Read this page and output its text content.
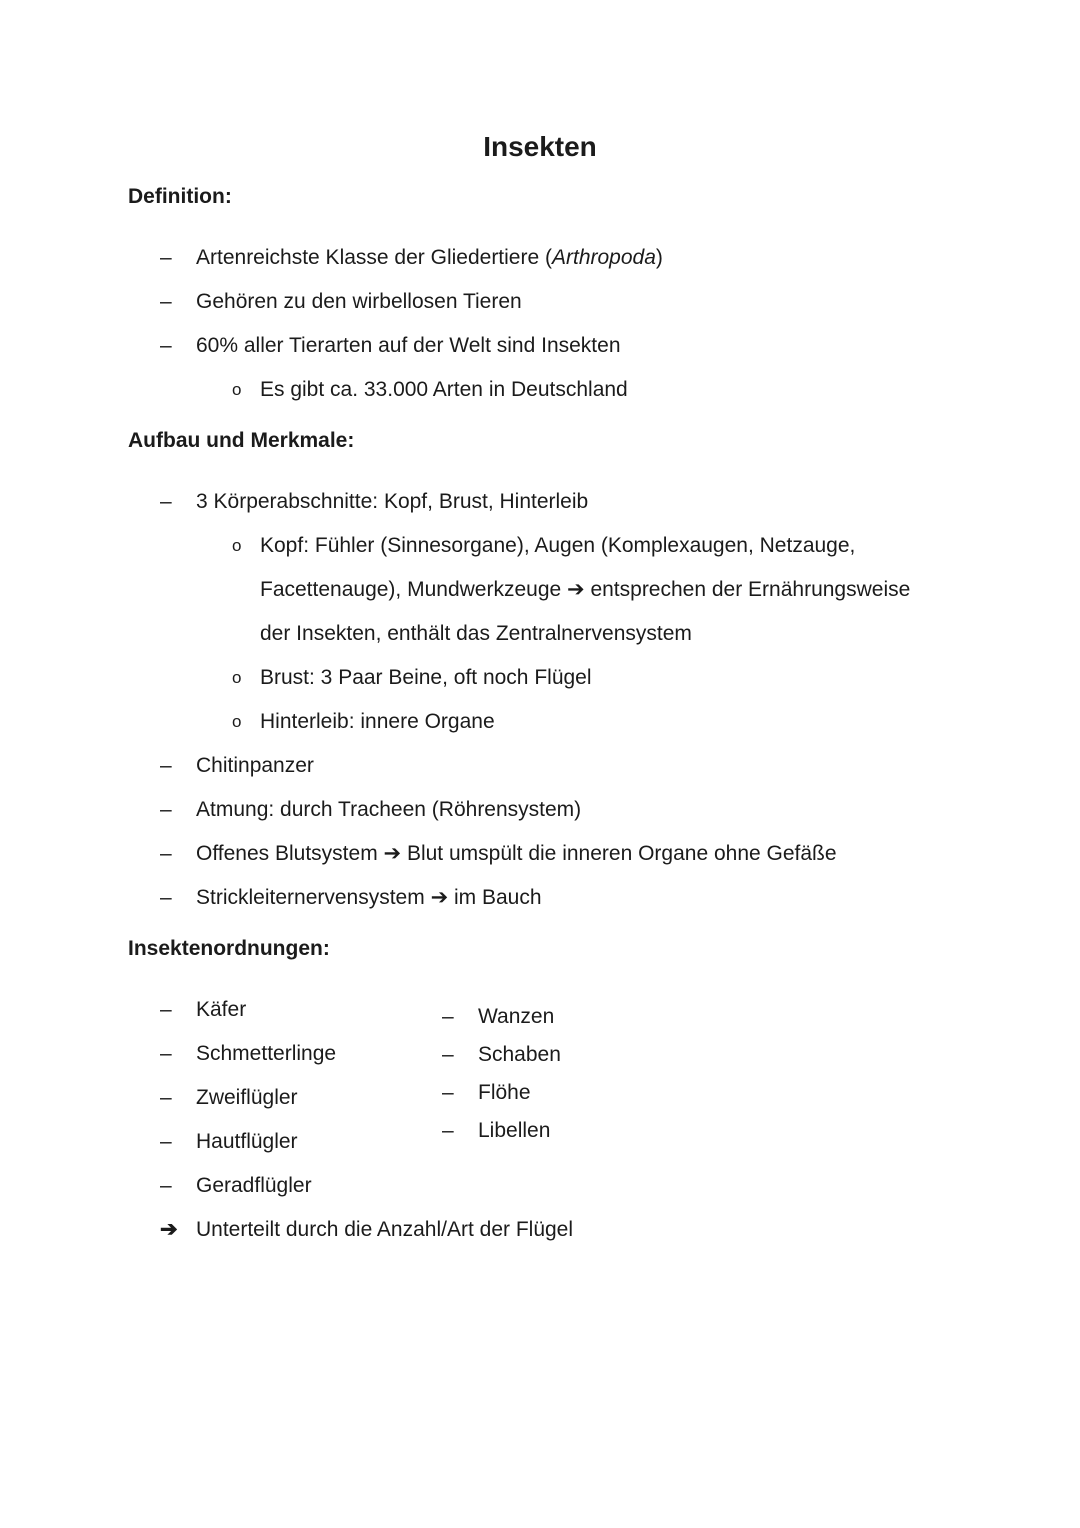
Insekten
Definition:
–	Artenreichste Klasse der Gliedertiere (Arthropoda)
–	Gehören zu den wirbellosen Tieren
–	60% aller Tierarten auf der Welt sind Insekten
o Es gibt ca. 33.000 Arten in Deutschland
Aufbau und Merkmale:
–	3 Körperabschnitte: Kopf, Brust, Hinterleib
o Kopf: Fühler (Sinnesorgane), Augen (Komplexaugen, Netzauge,
Facettenauge), Mundwerkzeuge ➔ entsprechen der Ernährungsweise
der Insekten, enthält das Zentralnervensystem
o Brust: 3 Paar Beine, oft noch Flügel
o Hinterleib: innere Organe
–	Chitinpanzer
–	Atmung: durch Tracheen (Röhrensystem)
–	Offenes Blutsystem ➔ Blut umspült die inneren Organe ohne Gefäße
–	Strickleiternervensystem ➔ im Bauch
Insektenordnungen:
–	Käfer
–	Schmetterlinge
–	Zweiflügler
–	Hautflügler
–	Geradflügler
–	Wanzen
–	Schaben
–	Flöhe
–	Libellen
➔ Unterteilt durch die Anzahl/Art der Flügel
